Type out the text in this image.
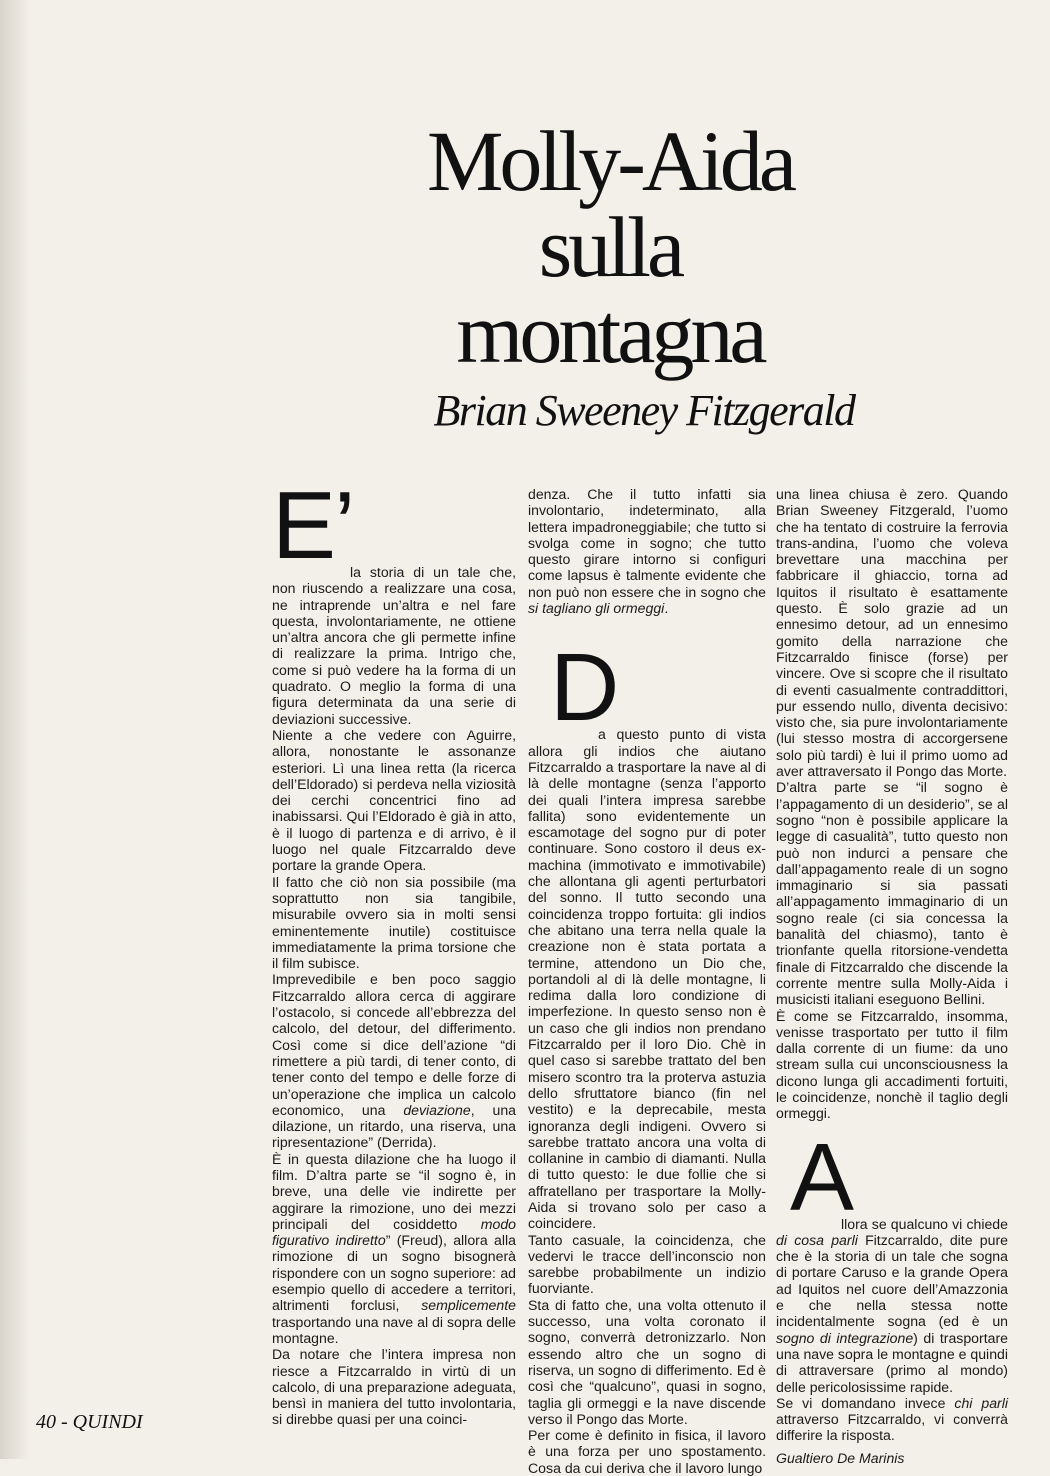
Molly-Aida
sulla
montagna
Brian Sweeney Fitzgerald
E’

la storia di un tale che, non riuscendo a realizzare una cosa, ne intraprende un’altra e nel fare questa, involontariamente, ne ottiene un’altra ancora che gli permette infine di realizzare la prima. Intrigo che, come si può vedere ha la forma di un quadrato. O meglio la forma di una figura determinata da una serie di deviazioni successive.

Niente a che vedere con Aguirre, allora, nonostante le assonanze esteriori. Lì una linea retta (la ricerca dell’Eldorado) si perdeva nella viziosità dei cerchi concentrici fino ad inabissarsi. Qui l’Eldorado è già in atto, è il luogo di partenza e di arrivo, è il luogo nel quale Fitzcarraldo deve portare la grande Opera.

Il fatto che ciò non sia possibile (ma soprattutto non sia tangibile, misurabile ovvero sia in molti sensi eminentemente inutile) costituisce immediatamente la prima torsione che il film subisce.

Imprevedibile e ben poco saggio Fitzcarraldo allora cerca di aggirare l’ostacolo, si concede all’ebbrezza del calcolo, del detour, del differimento. Così come si dice dell’azione “di rimettere a più tardi, di tener conto, di tener conto del tempo e delle forze di un’operazione che implica un calcolo economico, una deviazione, una dilazione, un ritardo, una riserva, una ripresentazione” (Derrida).

È in questa dilazione che ha luogo il film. D’altra parte se “il sogno è, in breve, una delle vie indirette per aggirare la rimozione, uno dei mezzi principali del cosiddetto modo figurativo indiretto” (Freud), allora alla rimozione di un sogno bisognerà rispondere con un sogno superiore: ad esempio quello di accedere a territori, altrimenti forclusi, semplicemente trasportando una nave al di sopra delle montagne.

Da notare che l’intera impresa non riesce a Fitzcarraldo in virtù di un calcolo, di una preparazione adeguata, bensì in maniera del tutto involontaria, si direbbe quasi per una coinci-

denza. Che il tutto infatti sia involontario, indeterminato, alla lettera impadroneggiabile; che tutto si svolga come in sogno; che tutto questo girare intorno si configuri come lapsus è talmente evidente che non può non essere che in sogno che si tagliano gli ormeggi.

D

a questo punto di vista allora gli indios che aiutano Fitzcarraldo a trasportare la nave al di là delle montagne (senza l’apporto dei quali l’intera impresa sarebbe fallita) sono evidentemente un escamotage del sogno pur di poter continuare. Sono costoro il deus ex-machina (immotivato e immotivabile) che allontana gli agenti perturbatori del sonno. Il tutto secondo una coincidenza troppo fortuita: gli indios che abitano una terra nella quale la creazione non è stata portata a termine, attendono un Dio che, portandoli al di là delle montagne, li redima dalla loro condizione di imperfezione. In questo senso non è un caso che gli indios non prendano Fitzcarraldo per il loro Dio. Chè in quel caso si sarebbe trattato del ben misero scontro tra la proterva astuzia dello sfruttatore bianco (fin nel vestito) e la deprecabile, mesta ignoranza degli indigeni. Ovvero si sarebbe trattato ancora una volta di collanine in cambio di diamanti. Nulla di tutto questo: le due follie che si affratellano per trasportare la Molly-Aida si trovano solo per caso a coincidere.

Tanto casuale, la coincidenza, che vedervi le tracce dell’inconscio non sarebbe probabilmente un indizio fuorviante.

Sta di fatto che, una volta ottenuto il successo, una volta coronato il sogno, converrà detronizzarlo. Non essendo altro che un sogno di riserva, un sogno di differimento. Ed è così che “qualcuno”, quasi in sogno, taglia gli ormeggi e la nave discende verso il Pongo das Morte.

Per come è definito in fisica, il lavoro è una forza per uno spostamento. Cosa da cui deriva che il lavoro lungo

una linea chiusa è zero. Quando Brian Sweeney Fitzgerald, l’uomo che ha tentato di costruire la ferrovia trans-andina, l’uomo che voleva brevettare una macchina per fabbricare il ghiaccio, torna ad Iquitos il risultato è esattamente questo. È solo grazie ad un ennesimo detour, ad un ennesimo gomito della narrazione che Fitzcarraldo finisce (forse) per vincere. Ove si scopre che il risultato di eventi casualmente contraddittori, pur essendo nullo, diventa decisivo: visto che, sia pure involontariamente (lui stesso mostra di accorgersene solo più tardi) è lui il primo uomo ad aver attraversato il Pongo das Morte.

D’altra parte se “il sogno è l’appagamento di un desiderio”, se al sogno “non è possibile applicare la legge di casualità”, tutto questo non può non indurci a pensare che dall’appagamento reale di un sogno immaginario si sia passati all’appagamento immaginario di un sogno reale (ci sia concessa la banalità del chiasmo), tanto è trionfante quella ritorsione-vendetta finale di Fitzcarraldo che discende la corrente mentre sulla Molly-Aida i musicisti italiani eseguono Bellini.

È come se Fitzcarraldo, insomma, venisse trasportato per tutto il film dalla corrente di un fiume: da uno stream sulla cui unconsciousness la dicono lunga gli accadimenti fortuiti, le coincidenze, nonchè il taglio degli ormeggi.

A

llora se qualcuno vi chiede di cosa parli Fitzcarraldo, dite pure che è la storia di un tale che sogna di portare Caruso e la grande Opera ad Iquitos nel cuore dell’Amazzonia e che nella stessa notte incidentalmente sogna (ed è un sogno di integrazione) di trasportare una nave sopra le montagne e quindi di attraversare (primo al mondo) delle pericolosissime rapide.

Se vi domandano invece chi parli attraverso Fitzcarraldo, vi converrà differire la risposta.

Gualtiero De Marinis

40 - QUINDI
